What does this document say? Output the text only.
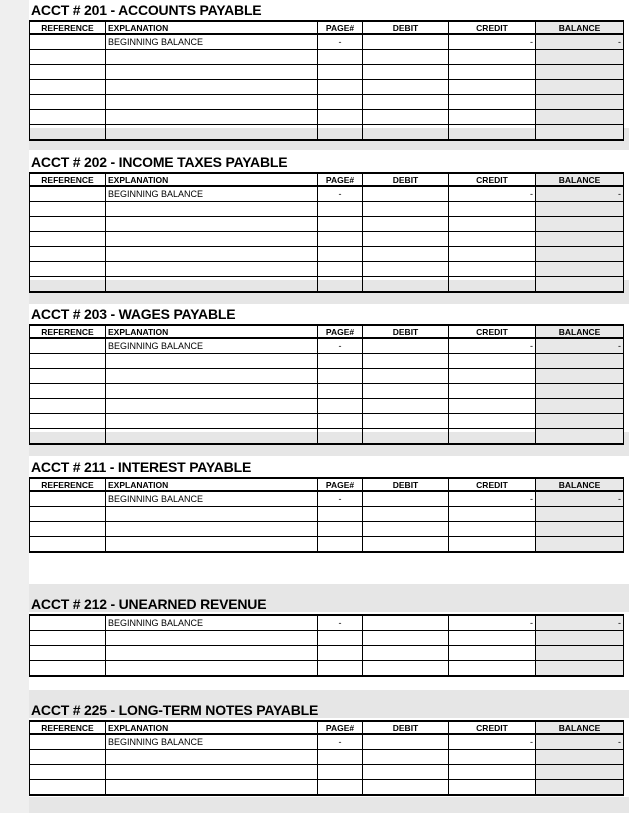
ACCT # 201 - ACCOUNTS PAYABLE
REFERENCE	EXPLANATION	PAGE#	DEBIT	CREDIT	BALANCE
	BEGINNING BALANCE	-		-	-

ACCT # 202 - INCOME TAXES PAYABLE
REFERENCE	EXPLANATION	PAGE#	DEBIT	CREDIT	BALANCE
	BEGINNING BALANCE	-		-	-

ACCT # 203 - WAGES PAYABLE
REFERENCE	EXPLANATION	PAGE#	DEBIT	CREDIT	BALANCE
	BEGINNING BALANCE	-		-	-

ACCT # 211 - INTEREST PAYABLE
REFERENCE	EXPLANATION	PAGE#	DEBIT	CREDIT	BALANCE
	BEGINNING BALANCE	-		-	-

ACCT # 212 - UNEARNED REVENUE
	BEGINNING BALANCE	-		-	-

ACCT # 225 - LONG-TERM NOTES PAYABLE
REFERENCE	EXPLANATION	PAGE#	DEBIT	CREDIT	BALANCE
	BEGINNING BALANCE	-		-	-
